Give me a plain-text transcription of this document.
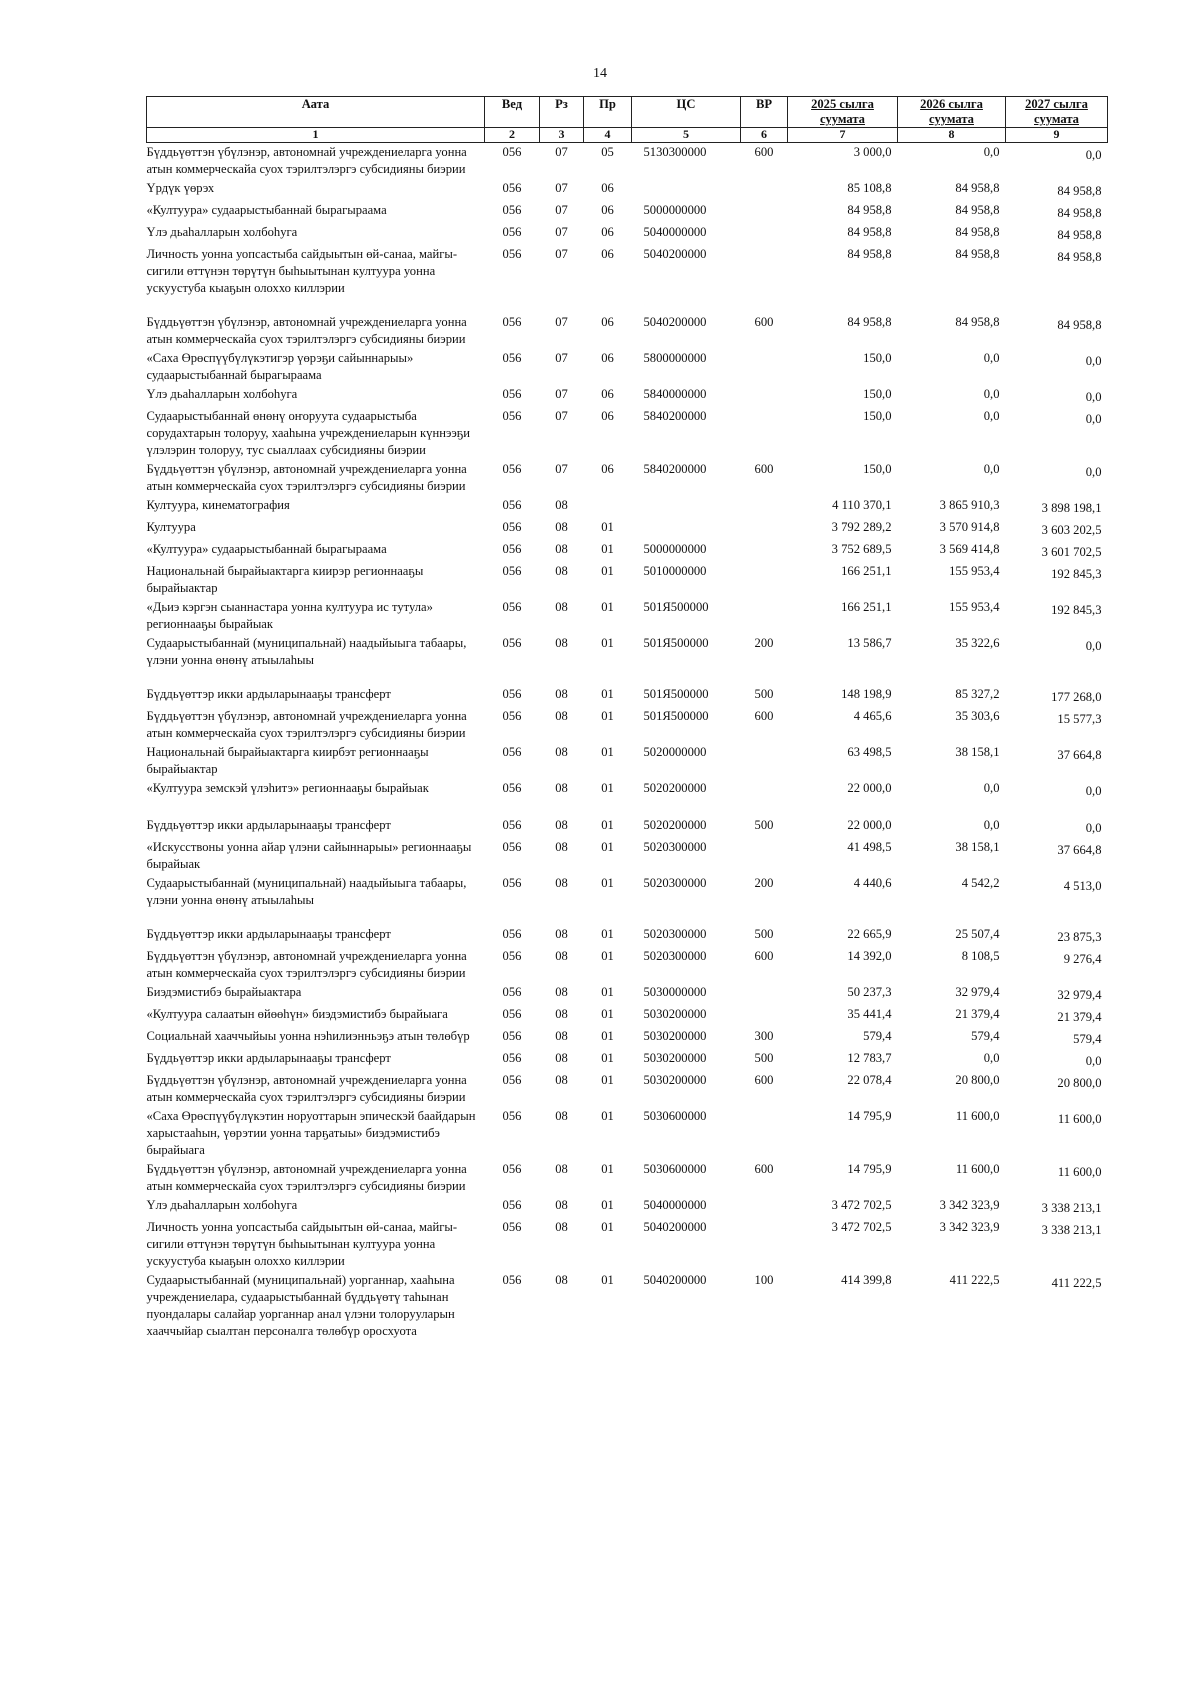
14
Аата	Вед	Рз	Пр	ЦС	ВР	2025 сылга суумата	2026 сылга суумата	2027 сылга суумата
1	2	3	4	5	6	7	8	9
Бүддьүөттэн үбүлэнэр, автономнай учреждениеларга уонна атын коммерческайа суох тэрилтэлэргэ субсидияны биэрии	056	07	05	5130300000	600	3 000,0	0,0	0,0
Үрдүк үөрэх	056	07	06			85 108,8	84 958,8	84 958,8
«Култуура» судаарыстыбаннай бырагыраама	056	07	06	5000000000		84 958,8	84 958,8	84 958,8
Үлэ дьаһалларын холбоһуга	056	07	06	5040000000		84 958,8	84 958,8	84 958,8
Личность уонна уопсастыба сайдыытын өй-санаа, майгы-сигили өттүнэн төрүтүн быһыытынан култуура уонна ускуустуба кыаҕын олоххо киллэрии	056	07	06	5040200000		84 958,8	84 958,8	84 958,8
Бүддьүөттэн үбүлэнэр, автономнай учреждениеларга уонна атын коммерческайа суох тэрилтэлэргэ субсидияны биэрии	056	07	06	5040200000	600	84 958,8	84 958,8	84 958,8
«Саха Өрөспүүбүлүкэтигэр үөрэҕи сайыннарыы» судаарыстыбаннай бырагыраама	056	07	06	5800000000		150,0	0,0	0,0
Үлэ дьаһалларын холбоһуга	056	07	06	5840000000		150,0	0,0	0,0
Судаарыстыбаннай өнөнү оҥоруута судаарыстыба сорудахтарын толоруу, хааһына учреждениеларын күннээҕи үлэлэрин толоруу, тус сыаллаах субсидияны биэрии	056	07	06	5840200000		150,0	0,0	0,0
Бүддьүөттэн үбүлэнэр, автономнай учреждениеларга уонна атын коммерческайа суох тэрилтэлэргэ субсидияны биэрии	056	07	06	5840200000	600	150,0	0,0	0,0
Култуура, кинематография	056	08				4 110 370,1	3 865 910,3	3 898 198,1
Култуура	056	08	01			3 792 289,2	3 570 914,8	3 603 202,5
«Култуура» судаарыстыбаннай бырагыраама	056	08	01	5000000000		3 752 689,5	3 569 414,8	3 601 702,5
Национальнай бырайыактарга киирэр регионнааҕы бырайыактар	056	08	01	5010000000		166 251,1	155 953,4	192 845,3
«Дьиэ кэргэн сыаннастара уонна култуура ис тутула» регионнааҕы бырайыак	056	08	01	501Я500000		166 251,1	155 953,4	192 845,3
Судаарыстыбаннай (муниципальнай) наадыйыыга табаары, үлэни уонна өнөнү атыылаһыы	056	08	01	501Я500000	200	13 586,7	35 322,6	0,0
Бүддьүөттэр икки ардыларынааҕы трансферт	056	08	01	501Я500000	500	148 198,9	85 327,2	177 268,0
Бүддьүөттэн үбүлэнэр, автономнай учреждениеларга уонна атын коммерческайа суох тэрилтэлэргэ субсидияны биэрии	056	08	01	501Я500000	600	4 465,6	35 303,6	15 577,3
Национальнай бырайыактарга киирбэт регионнааҕы бырайыактар	056	08	01	5020000000		63 498,5	38 158,1	37 664,8
«Култуура земскэй үлэһитэ» регионнааҕы бырайыак	056	08	01	5020200000		22 000,0	0,0	0,0
Бүддьүөттэр икки ардыларынааҕы трансферт	056	08	01	5020200000	500	22 000,0	0,0	0,0
«Искусствоны уонна айар үлэни сайыннарыы» регионнааҕы бырайыак	056	08	01	5020300000		41 498,5	38 158,1	37 664,8
Судаарыстыбаннай (муниципальнай) наадыйыыга табаары, үлэни уонна өнөнү атыылаһыы	056	08	01	5020300000	200	4 440,6	4 542,2	4 513,0
Бүддьүөттэр икки ардыларынааҕы трансферт	056	08	01	5020300000	500	22 665,9	25 507,4	23 875,3
Бүддьүөттэн үбүлэнэр, автономнай учреждениеларга уонна атын коммерческайа суох тэрилтэлэргэ субсидияны биэрии	056	08	01	5020300000	600	14 392,0	8 108,5	9 276,4
Биэдэмистибэ бырайыактара	056	08	01	5030000000		50 237,3	32 979,4	32 979,4
«Култуура салаатын өйөөһүн» биэдэмистибэ бырайыага	056	08	01	5030200000		35 441,4	21 379,4	21 379,4
Социальнай хааччыйыы уонна нэһилиэнньэҕэ атын төлөбүр	056	08	01	5030200000	300	579,4	579,4	579,4
Бүддьүөттэр икки ардыларынааҕы трансферт	056	08	01	5030200000	500	12 783,7	0,0	0,0
Бүддьүөттэн үбүлэнэр, автономнай учреждениеларга уонна атын коммерческайа суох тэрилтэлэргэ субсидияны биэрии	056	08	01	5030200000	600	22 078,4	20 800,0	20 800,0
«Саха Өрөспүүбүлүкэтин норуоттарын эпическэй баайдарын харыстааһын, үөрэтии уонна тарҕатыы» биэдэмистибэ бырайыага	056	08	01	5030600000		14 795,9	11 600,0	11 600,0
Бүддьүөттэн үбүлэнэр, автономнай учреждениеларга уонна атын коммерческайа суох тэрилтэлэргэ субсидияны биэрии	056	08	01	5030600000	600	14 795,9	11 600,0	11 600,0
Үлэ дьаһалларын холбоһуга	056	08	01	5040000000		3 472 702,5	3 342 323,9	3 338 213,1
Личность уонна уопсастыба сайдыытын өй-санаа, майгы-сигили өттүнэн төрүтүн быһыытынан култуура уонна ускуустуба кыаҕын олоххо киллэрии	056	08	01	5040200000		3 472 702,5	3 342 323,9	3 338 213,1
Судаарыстыбаннай (муниципальнай) уорганнар, хааһына учреждениелара, судаарыстыбаннай бүддьүөтү таһынан пуондалары салайар уорганнар анал үлэни толорууларын хааччыйар сыалтан персоналга төлөбүр оросхуота	056	08	01	5040200000	100	414 399,8	411 222,5	411 222,5
